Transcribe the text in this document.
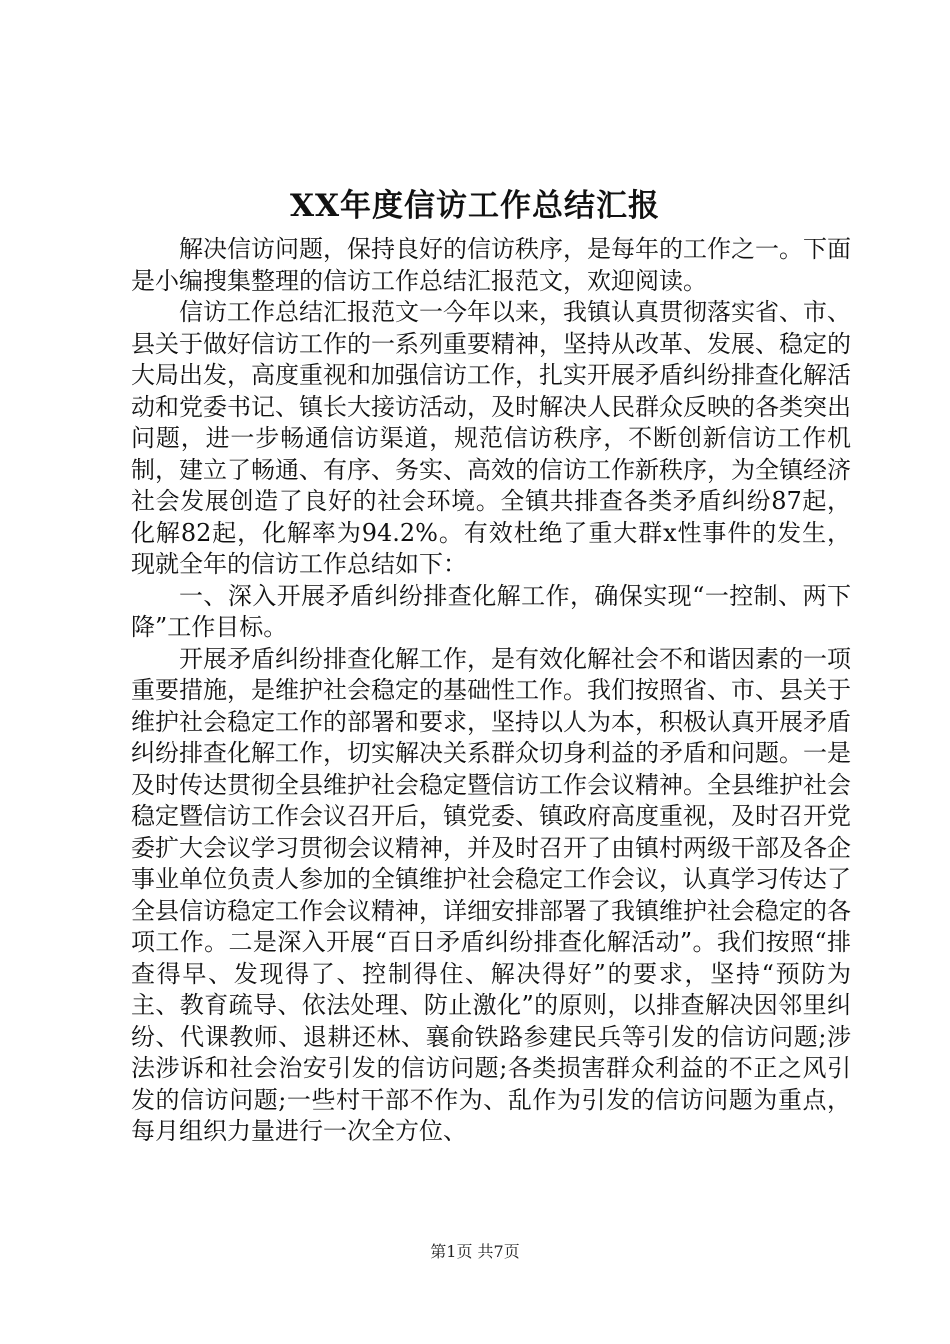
XX年度信访工作总结汇报

解决信访问题，保持良好的信访秩序，是每年的工作之一。下面是小编搜集整理的信访工作总结汇报范文，欢迎阅读。

信访工作总结汇报范文一今年以来，我镇认真贯彻落实省、市、县关于做好信访工作的一系列重要精神，坚持从改革、发展、稳定的大局出发，高度重视和加强信访工作，扎实开展矛盾纠纷排查化解活动和党委书记、镇长大接访活动，及时解决人民群众反映的各类突出问题，进一步畅通信访渠道，规范信访秩序，不断创新信访工作机制，建立了畅通、有序、务实、高效的信访工作新秩序，为全镇经济社会发展创造了良好的社会环境。全镇共排查各类矛盾纠纷87起，化解82起，化解率为94.2%。有效杜绝了重大群x性事件的发生，现就全年的信访工作总结如下：

一、深入开展矛盾纠纷排查化解工作，确保实现“一控制、两下降”工作目标。

开展矛盾纠纷排查化解工作，是有效化解社会不和谐因素的一项重要措施，是维护社会稳定的基础性工作。我们按照省、市、县关于维护社会稳定工作的部署和要求，坚持以人为本，积极认真开展矛盾纠纷排查化解工作，切实解决关系群众切身利益的矛盾和问题。一是及时传达贯彻全县维护社会稳定暨信访工作会议精神。全县维护社会稳定暨信访工作会议召开后，镇党委、镇政府高度重视，及时召开党委扩大会议学习贯彻会议精神，并及时召开了由镇村两级干部及各企事业单位负责人参加的全镇维护社会稳定工作会议，认真学习传达了全县信访稳定工作会议精神，详细安排部署了我镇维护社会稳定的各项工作。二是深入开展“百日矛盾纠纷排查化解活动”。我们按照“排查得早、发现得了、控制得住、解决得好”的要求，坚持“预防为主、教育疏导、依法处理、防止激化”的原则，以排查解决因邻里纠纷、代课教师、退耕还林、襄俞铁路参建民兵等引发的信访问题;涉法涉诉和社会治安引发的信访问题;各类损害群众利益的不正之风引发的信访问题;一些村干部不作为、乱作为引发的信访问题为重点，每月组织力量进行一次全方位、

第1页 共7页
